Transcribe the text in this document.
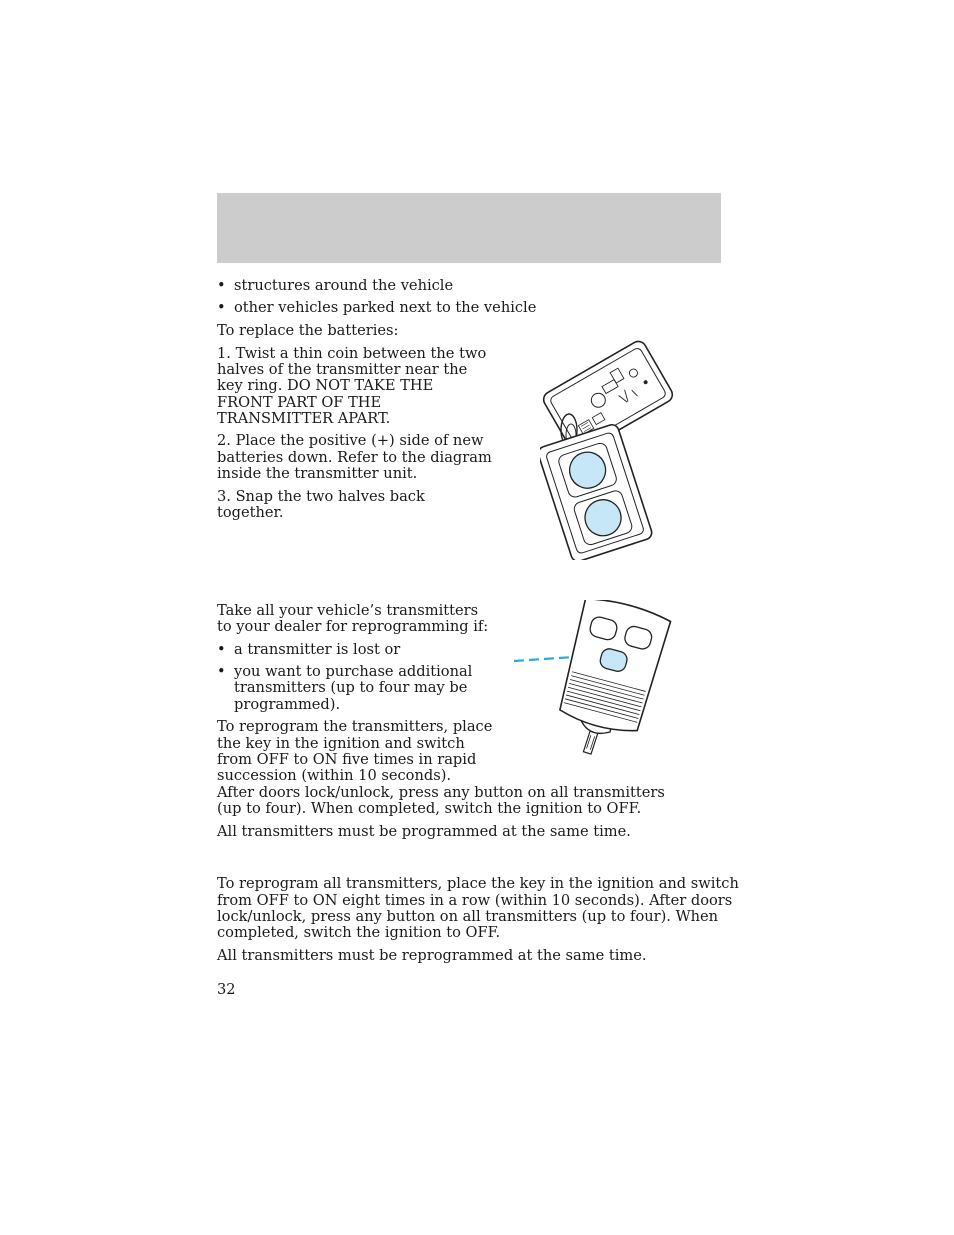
• structures around the vehicle
• other vehicles parked next to the vehicle
To replace the batteries:
1. Twist a thin coin between the two
halves of the transmitter near the
key ring. DO NOT TAKE THE
FRONT PART OF THE
TRANSMITTER APART.
2. Place the positive (+) side of new
batteries down. Refer to the diagram
inside the transmitter unit.
3. Snap the two halves back
together.
Take all your vehicle’s transmitters
to your dealer for reprogramming if:
• a transmitter is lost or
• you want to purchase additional
transmitters (up to four may be
programmed).
To reprogram the transmitters, place
the key in the ignition and switch
from OFF to ON five times in rapid
succession (within 10 seconds).
After doors lock/unlock, press any button on all transmitters
(up to four). When completed, switch the ignition to OFF.
All transmitters must be programmed at the same time.
To reprogram all transmitters, place the key in the ignition and switch
from OFF to ON eight times in a row (within 10 seconds). After doors
lock/unlock, press any button on all transmitters (up to four). When
completed, switch the ignition to OFF.
All transmitters must be reprogrammed at the same time.
32
